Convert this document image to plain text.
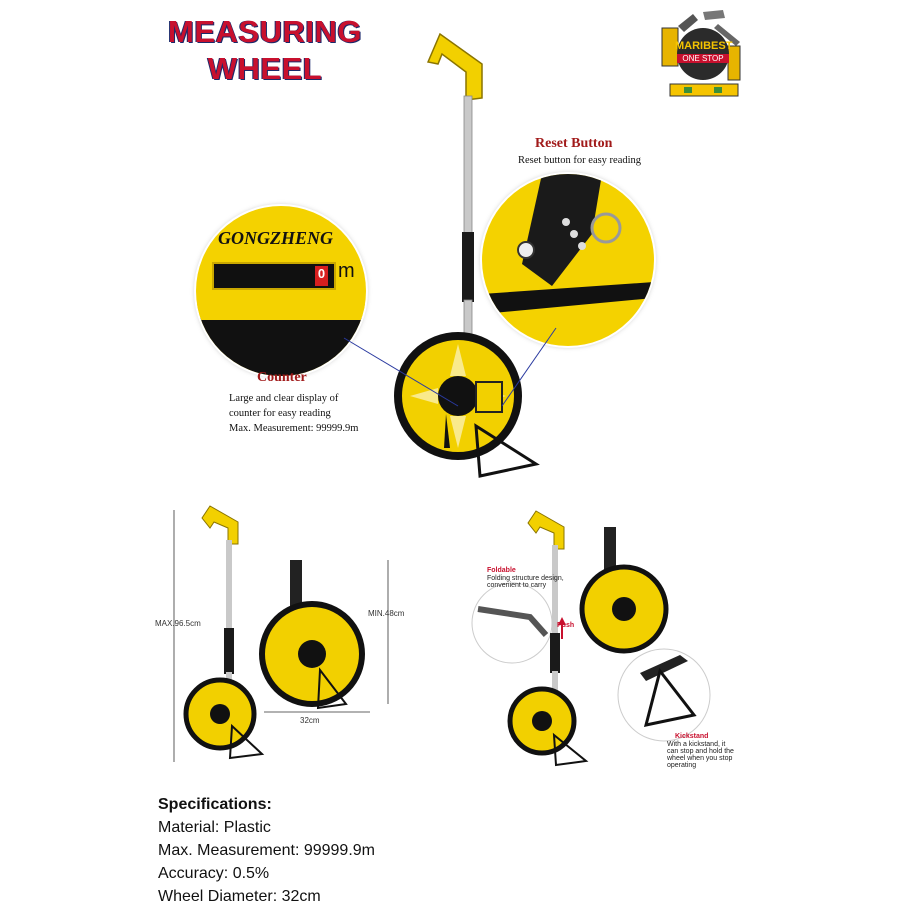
MEASURING
WHEEL
MARIBEST
ONE STOP
GONGZHENG
0 m
Reset Button
Reset button for easy reading
Counter
Large and clear display of
counter for easy reading
Max. Measurement: 99999.9m
MAX.96.5cm
MIN.48cm
32cm
Foldable
Folding structure design,
convenient to carry
Push
Kickstand
With a kickstand, it
can stop and hold the
wheel when you stop
operating
Specifications:
Material: Plastic
Max. Measurement: 99999.9m
Accuracy: 0.5%
Wheel Diameter: 32cm
